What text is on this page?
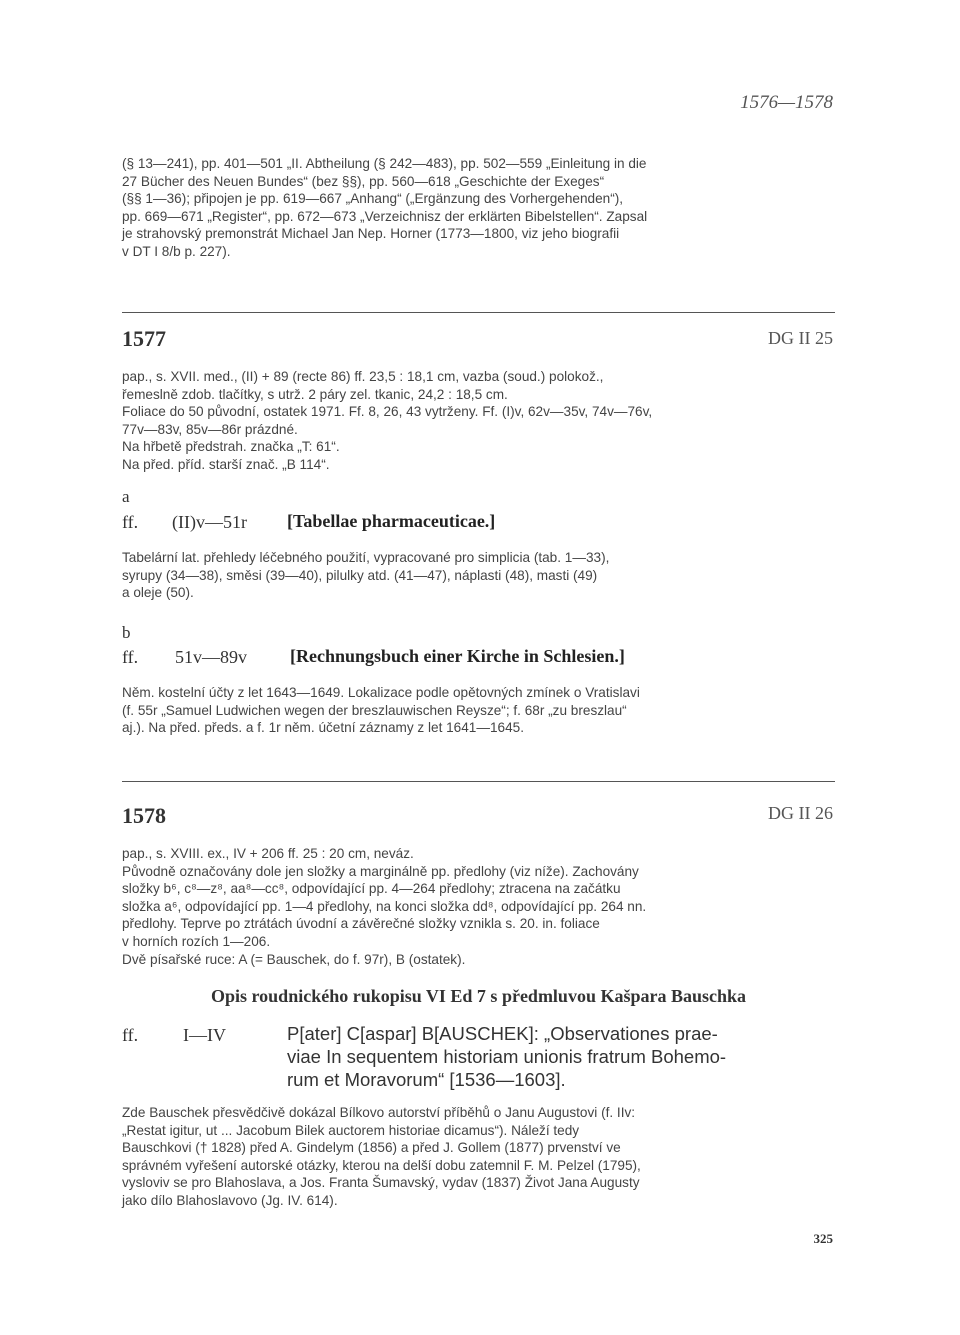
1576—1578

(§ 13—241), pp. 401—501 „II. Abtheilung (§ 242—483), pp. 502—559 „Einleitung in die

27 Bücher des Neuen Bundes“ (bez §§), pp. 560—618 „Geschichte der Exeges“

(§§ 1—36); připojen je pp. 619—667 „Anhang“ („Ergänzung des Vorhergehenden“),

pp. 669—671 „Register“, pp. 672—673 „Verzeichnisz der erklärten Bibelstellen“. Zapsal

je strahovský premonstrát Michael Jan Nep. Horner (1773—1800, viz jeho biografii

v DT I 8/b p. 227).

1577	DG II 25

pap., s. XVII. med., (II) + 89 (recte 86) ff. 23,5 : 18,1 cm, vazba (soud.) polokož.,

řemeslně zdob. tlačítky, s utrž. 2 páry zel. tkanic, 24,2 : 18,5 cm.

Foliace do 50 původní, ostatek 1971. Ff. 8, 26, 43 vytrženy. Ff. (I)v, 62v—35v, 74v—76v,

77v—83v, 85v—86r prázdné.

Na hřbetě předstrah. značka „T: 61“.

Na před. příd. starší znač. „B 114“.

a
ff. (II)v—51r [Tabellae pharmaceuticae.]

Tabelární lat. přehledy léčebného použití, vypracované pro simplicia (tab. 1—33),

syrupy (34—38), směsi (39—40), pilulky atd. (41—47), náplasti (48), masti (49)

a oleje (50).

b
ff. 51v—89v [Rechnungsbuch einer Kirche in Schlesien.]

Něm. kostelní účty z let 1643—1649. Lokalizace podle opětovných zmínek o Vratislavi

(f. 55r „Samuel Ludwichen wegen der breszlauwischen Reysze“; f. 68r „zu breszlau“

aj.). Na před. předs. a f. 1r něm. účetní záznamy z let 1641—1645.

1578	DG II 26

pap., s. XVIII. ex., IV + 206 ff. 25 : 20 cm, neváz.

Původně označovány dole jen složky a marginálně pp. předlohy (viz níže). Zachovány

složky b⁶, c⁸—z⁸, aa⁸—cc⁸, odpovídající pp. 4—264 předlohy; ztracena na začátku

složka a⁶, odpovídající pp. 1—4 předlohy, na konci složka dd⁸, odpovídající pp. 264 nn.

předlohy. Teprve po ztrátách úvodní a závěrečné složky vznikla s. 20. in. foliace

v horních rozích 1—206.

Dvě písařské ruce: A (= Bauschek, do f. 97r), B (ostatek).

Opis roudnického rukopisu VI Ed 7 s předmluvou Kašpara Bauschka
ff. I—IV	P[ater] C[aspar] B[AUSCHEK]: „Observationes prae-
viae In sequentem historiam unionis fratrum Bohemo-
rum et Moravorum“ [1536—1603].

Zde Bauschek přesvědčivě dokázal Bílkovo autorství příběhů o Janu Augustovi (f. IIv:

„Restat igitur, ut ... Jacobum Bilek auctorem historiae dicamus“). Náleží tedy

Bauschkovi († 1828) před A. Gindelym (1856) a před J. Gollem (1877) prvenství ve

správném vyřešení autorské otázky, kterou na delší dobu zatemnil F. M. Pelzel (1795),

vysloviv se pro Blahoslava, a Jos. Franta Šumavský, vydav (1837) Život Jana Augusty

jako dílo Blahoslavovo (Jg. IV. 614).

325
